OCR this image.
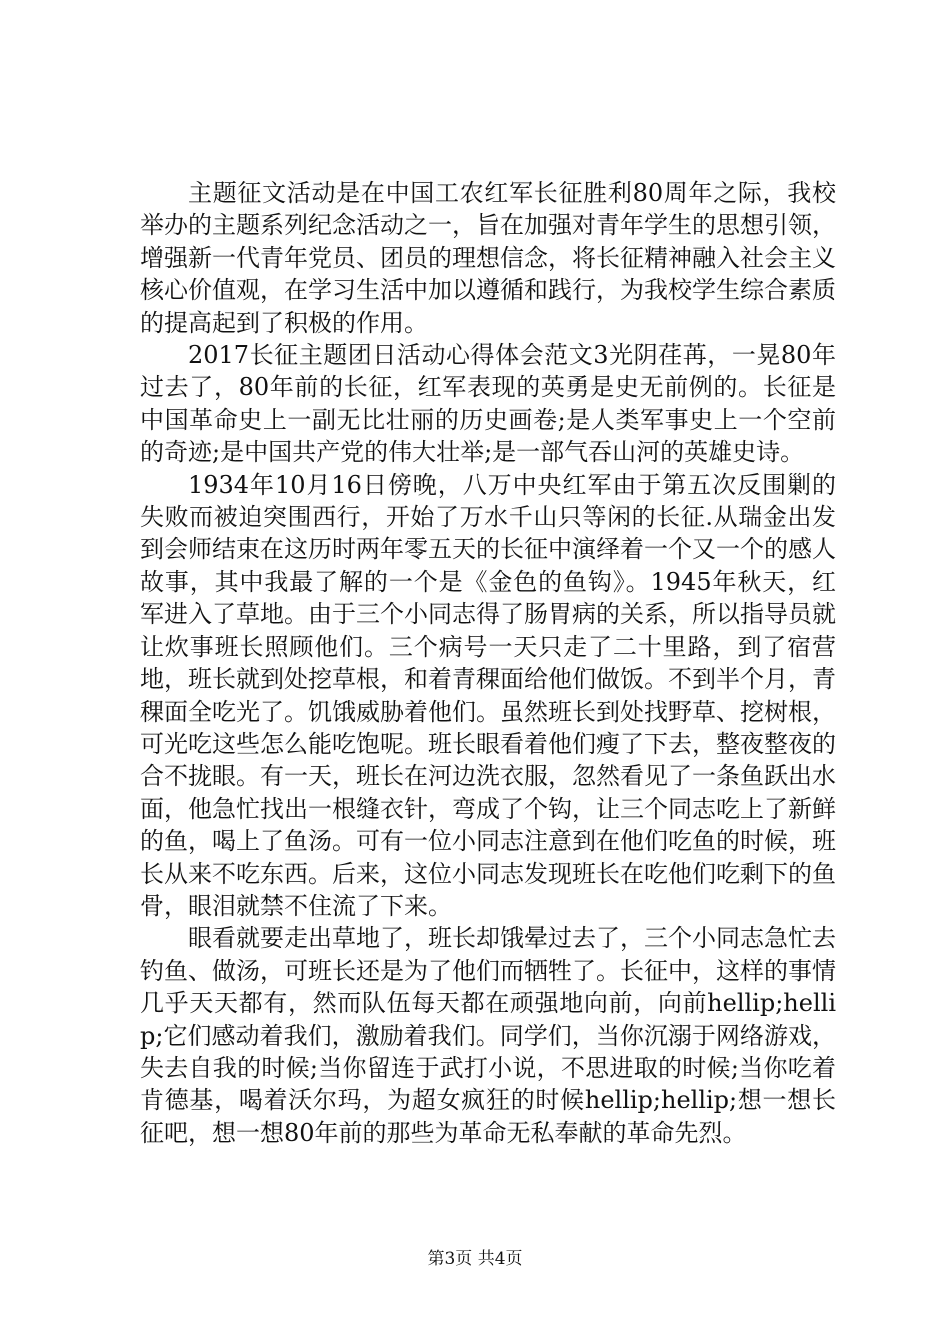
主题征文活动是在中国工农红军长征胜利80周年之际，我校举办的主题系列纪念活动之一，旨在加强对青年学生的思想引领，增强新一代青年党员、团员的理想信念，将长征精神融入社会主义核心价值观，在学习生活中加以遵循和践行，为我校学生综合素质的提高起到了积极的作用。

2017长征主题团日活动心得体会范文3光阴荏苒，一晃80年过去了，80年前的长征，红军表现的英勇是史无前例的。长征是中国革命史上一副无比壮丽的历史画卷;是人类军事史上一个空前的奇迹;是中国共产党的伟大壮举;是一部气吞山河的英雄史诗。

1934年10月16日傍晚，八万中央红军由于第五次反围剿的失败而被迫突围西行，开始了万水千山只等闲的长征.从瑞金出发到会师结束在这历时两年零五天的长征中演绎着一个又一个的感人故事，其中我最了解的一个是《金色的鱼钩》。1945年秋天，红军进入了草地。由于三个小同志得了肠胃病的关系，所以指导员就让炊事班长照顾他们。三个病号一天只走了二十里路，到了宿营地，班长就到处挖草根，和着青稞面给他们做饭。不到半个月，青稞面全吃光了。饥饿威胁着他们。虽然班长到处找野草、挖树根，可光吃这些怎么能吃饱呢。班长眼看着他们瘦了下去，整夜整夜的合不拢眼。有一天，班长在河边洗衣服，忽然看见了一条鱼跃出水面，他急忙找出一根缝衣针，弯成了个钩，让三个同志吃上了新鲜的鱼，喝上了鱼汤。可有一位小同志注意到在他们吃鱼的时候，班长从来不吃东西。后来，这位小同志发现班长在吃他们吃剩下的鱼骨，眼泪就禁不住流了下来。

眼看就要走出草地了，班长却饿晕过去了，三个小同志急忙去钓鱼、做汤，可班长还是为了他们而牺牲了。长征中，这样的事情几乎天天都有，然而队伍每天都在顽强地向前，向前hellip;hellip;它们感动着我们，激励着我们。同学们，当你沉溺于网络游戏，失去自我的时候;当你留连于武打小说，不思进取的时候;当你吃着肯德基，喝着沃尔玛，为超女疯狂的时候hellip;hellip;想一想长征吧，想一想80年前的那些为革命无私奉献的革命先烈。

第3页 共4页
